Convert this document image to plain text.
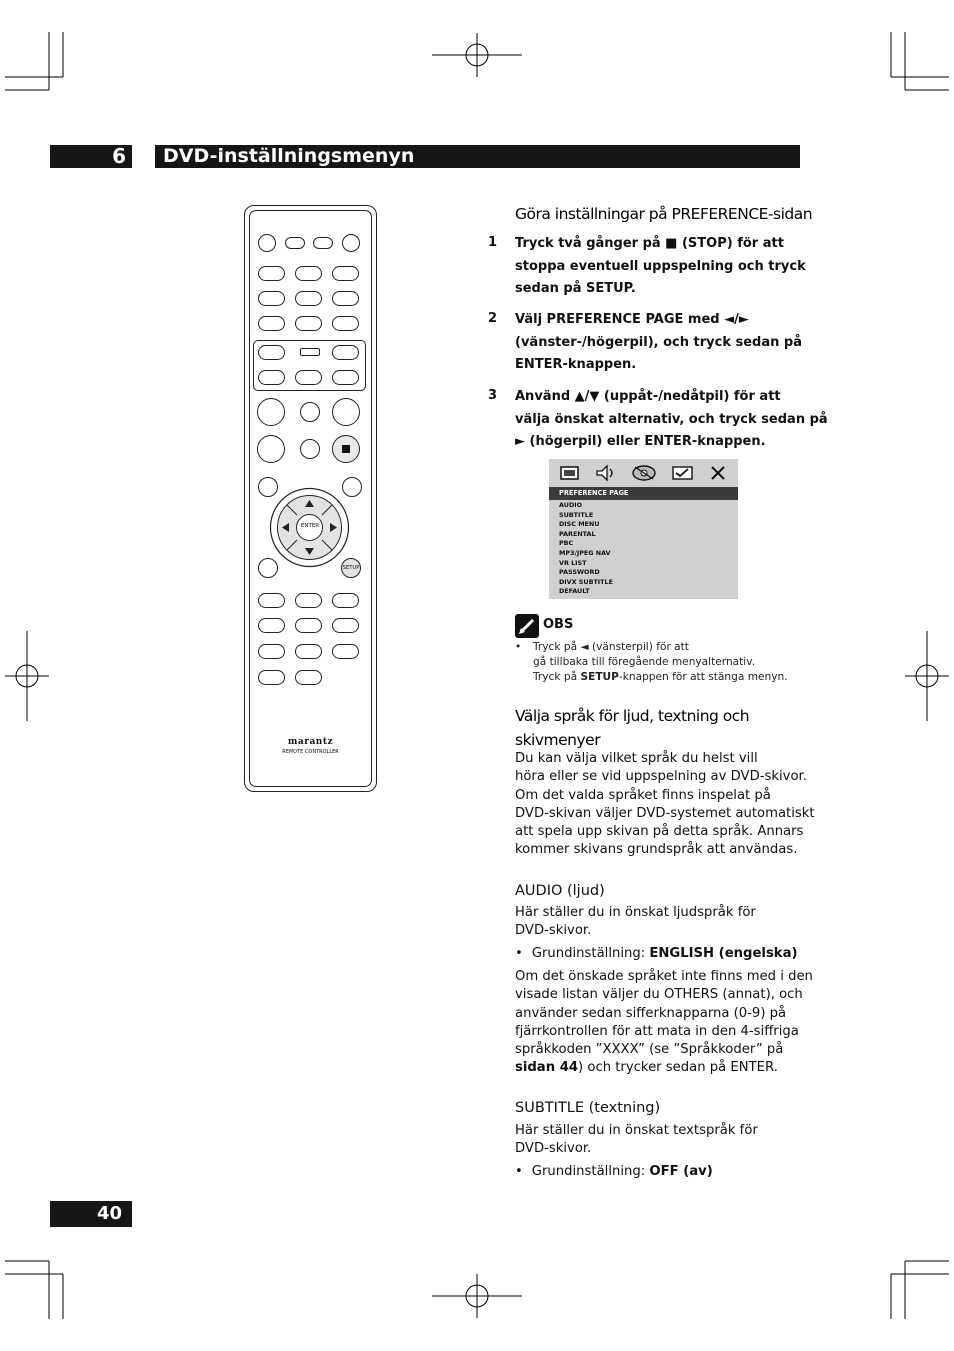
6	DVD-inställningsmenyn
ENTER
SETUP
marantz
REMOTE CONTROLLER
Göra inställningar på PREFERENCE-sidan
1 Tryck två gånger på ■ (STOP) för att
stoppa eventuell uppspelning och tryck
sedan på SETUP.
2 Välj PREFERENCE PAGE med ◄/►
(vänster-/högerpil), och tryck sedan på
ENTER-knappen.
3 Använd ▲/▼ (uppåt-/nedåtpil) för att
välja önskat alternativ, och tryck sedan på
► (högerpil) eller ENTER-knappen.
PREFERENCE PAGE
AUDIO
SUBTITLE
DISC MENU
PARENTAL
PBC
MP3/JPEG NAV
VR LIST
PASSWORD
DIVX SUBTITLE
DEFAULT
OBS
• Tryck på ◄ (vänsterpil) för att
gå tillbaka till föregående menyalternativ.
Tryck på SETUP-knappen för att stänga menyn.
Välja språk för ljud, textning och
skivmenyer
Du kan välja vilket språk du helst vill
höra eller se vid uppspelning av DVD-skivor.
Om det valda språket finns inspelat på
DVD-skivan väljer DVD-systemet automatiskt
att spela upp skivan på detta språk. Annars
kommer skivans grundspråk att användas.
AUDIO (ljud)
Här ställer du in önskat ljudspråk för
DVD-skivor.
• Grundinställning: ENGLISH (engelska)
Om det önskade språket inte finns med i den
visade listan väljer du OTHERS (annat), och
använder sedan sifferknapparna (0-9) på
fjärrkontrollen för att mata in den 4-siffriga
språkkoden ”XXXX” (se ”Språkkoder” på
sidan 44) och trycker sedan på ENTER.
SUBTITLE (textning)
Här ställer du in önskat textspråk för
DVD-skivor.
• Grundinställning: OFF (av)
40
